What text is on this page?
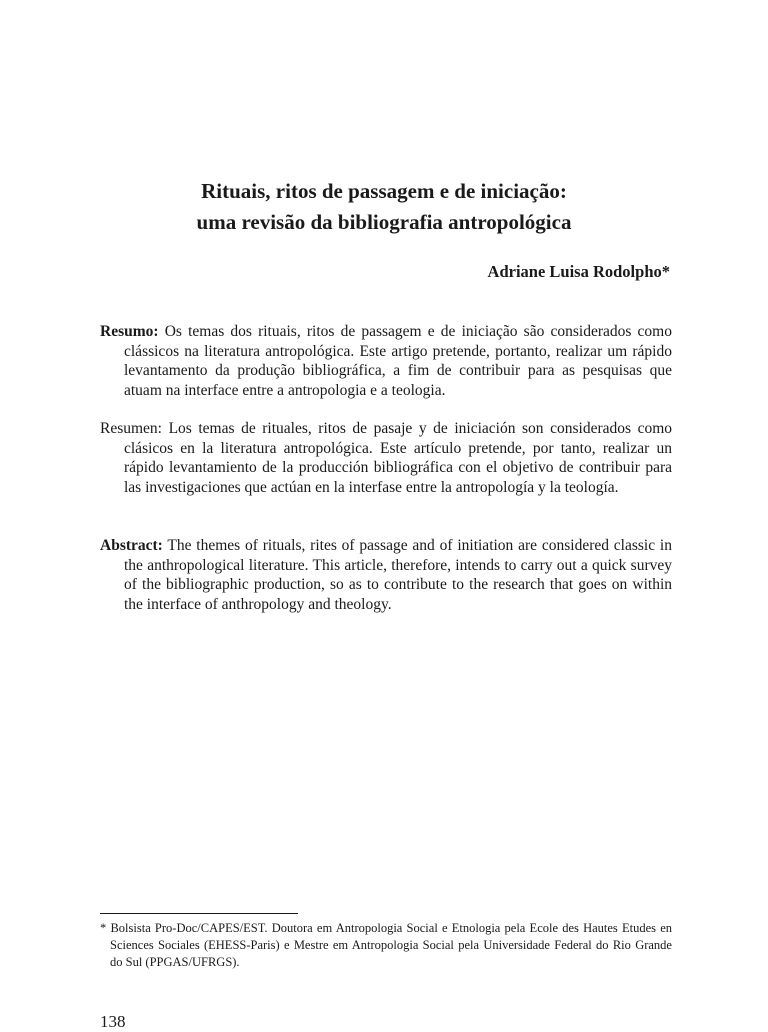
Rituais, ritos de passagem e de iniciação:
uma revisão da bibliografia antropológica
Adriane Luisa Rodolpho*
Resumo: Os temas dos rituais, ritos de passagem e de iniciação são considerados como clássicos na literatura antropológica. Este artigo pretende, portanto, realizar um rápido levantamento da produção bibliográfica, a fim de contribuir para as pesquisas que atuam na interface entre a antropologia e a teologia.
Resumen: Los temas de rituales, ritos de pasaje y de iniciación son considerados como clásicos en la literatura antropológica. Este artículo pretende, por tanto, realizar un rápido levantamiento de la producción bibliográfica con el objetivo de contribuir para las investigaciones que actúan en la interfase entre la antropología y la teología.
Abstract: The themes of rituals, rites of passage and of initiation are considered classic in the anthropological literature. This article, therefore, intends to carry out a quick survey of the bibliographic production, so as to contribute to the research that goes on within the interface of anthropology and theology.
* Bolsista Pro-Doc/CAPES/EST. Doutora em Antropologia Social e Etnologia pela Ecole des Hautes Etudes en Sciences Sociales (EHESS-Paris) e Mestre em Antropologia Social pela Universidade Federal do Rio Grande do Sul (PPGAS/UFRGS).
138
